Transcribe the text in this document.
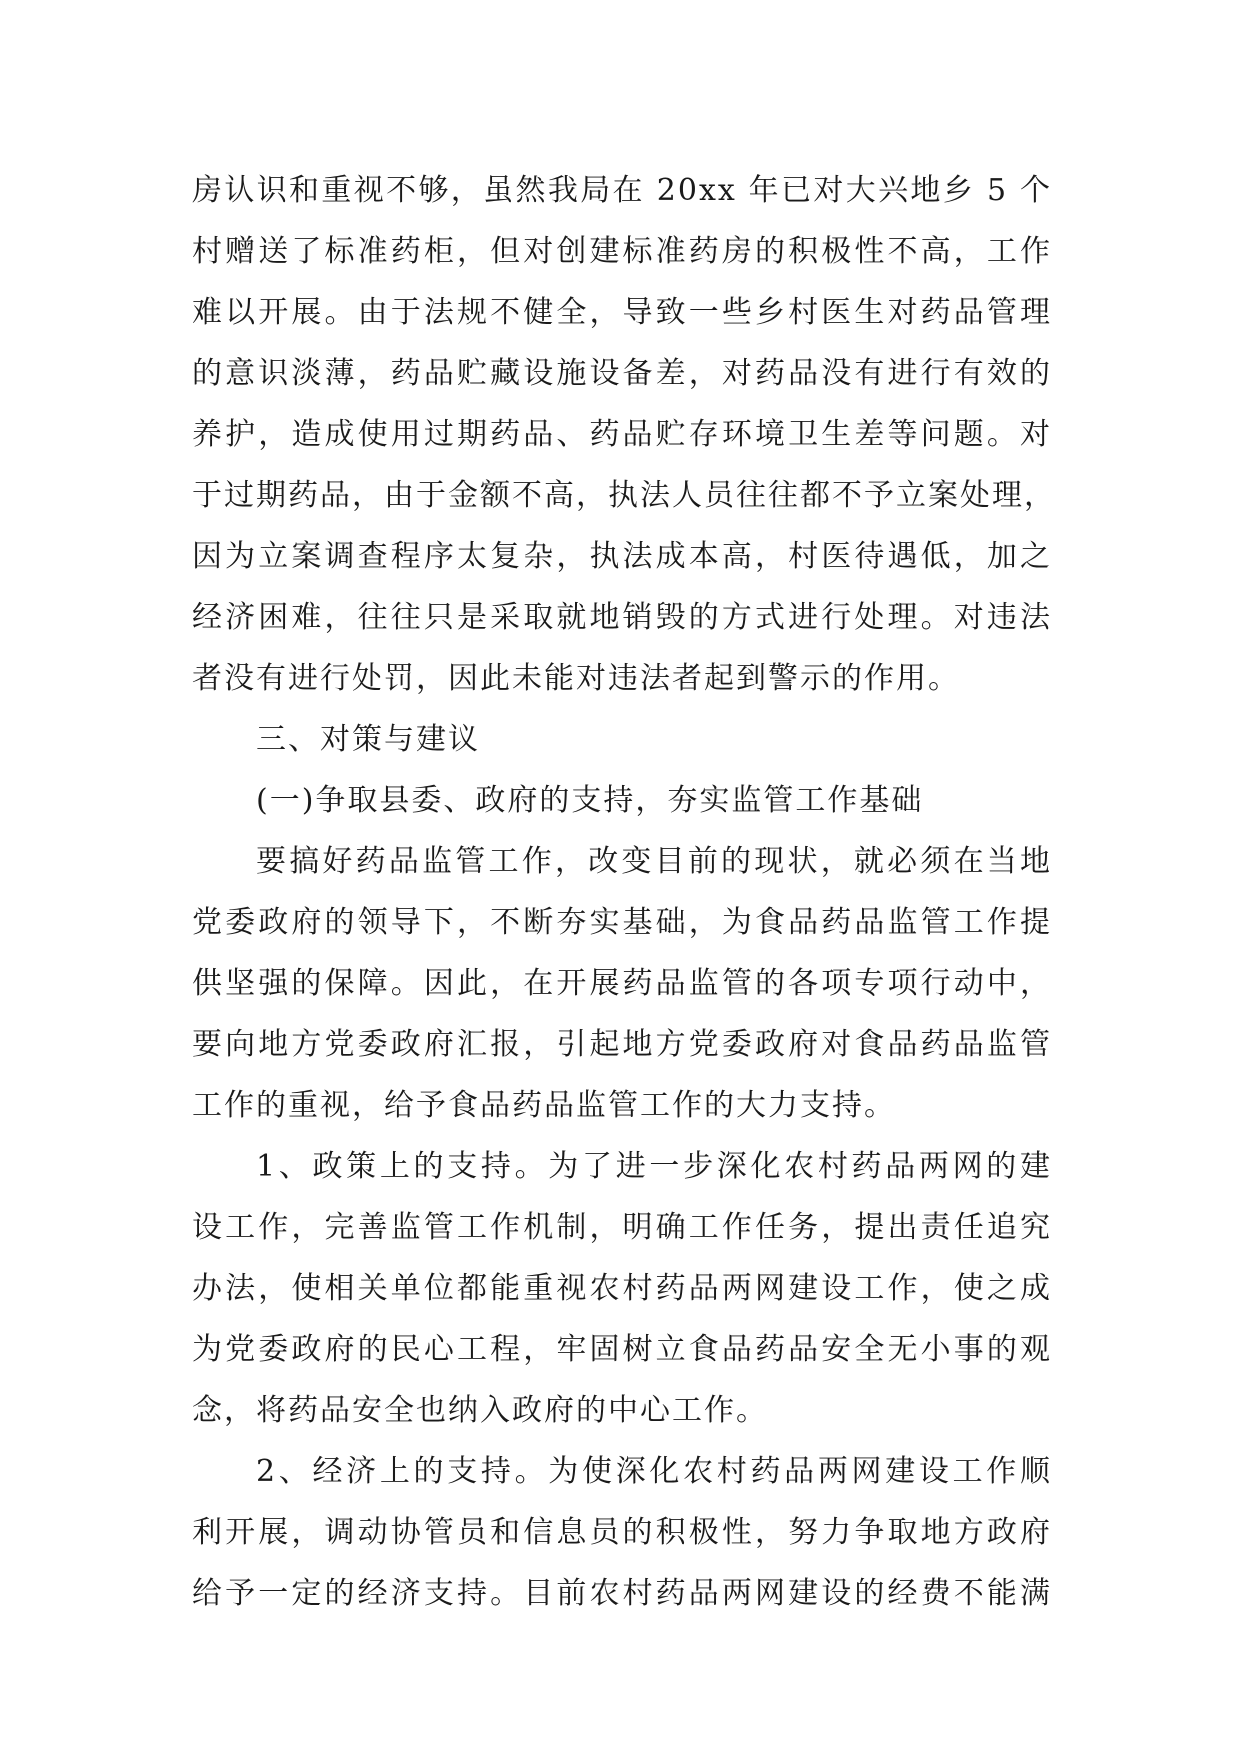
房认识和重视不够，虽然我局在 20xx 年已对大兴地乡 5 个
村赠送了标准药柜，但对创建标准药房的积极性不高，工作
难以开展。由于法规不健全，导致一些乡村医生对药品管理
的意识淡薄，药品贮藏设施设备差，对药品没有进行有效的
养护，造成使用过期药品、药品贮存环境卫生差等问题。对
于过期药品，由于金额不高，执法人员往往都不予立案处理，
因为立案调查程序太复杂，执法成本高，村医待遇低，加之
经济困难，往往只是采取就地销毁的方式进行处理。对违法
者没有进行处罚，因此未能对违法者起到警示的作用。
三、对策与建议
(一)争取县委、政府的支持，夯实监管工作基础
要搞好药品监管工作，改变目前的现状，就必须在当地
党委政府的领导下，不断夯实基础，为食品药品监管工作提
供坚强的保障。因此，在开展药品监管的各项专项行动中，
要向地方党委政府汇报，引起地方党委政府对食品药品监管
工作的重视，给予食品药品监管工作的大力支持。
1、政策上的支持。为了进一步深化农村药品两网的建
设工作，完善监管工作机制，明确工作任务，提出责任追究
办法，使相关单位都能重视农村药品两网建设工作，使之成
为党委政府的民心工程，牢固树立食品药品安全无小事的观
念，将药品安全也纳入政府的中心工作。
2、经济上的支持。为使深化农村药品两网建设工作顺
利开展，调动协管员和信息员的积极性，努力争取地方政府
给予一定的经济支持。目前农村药品两网建设的经费不能满
